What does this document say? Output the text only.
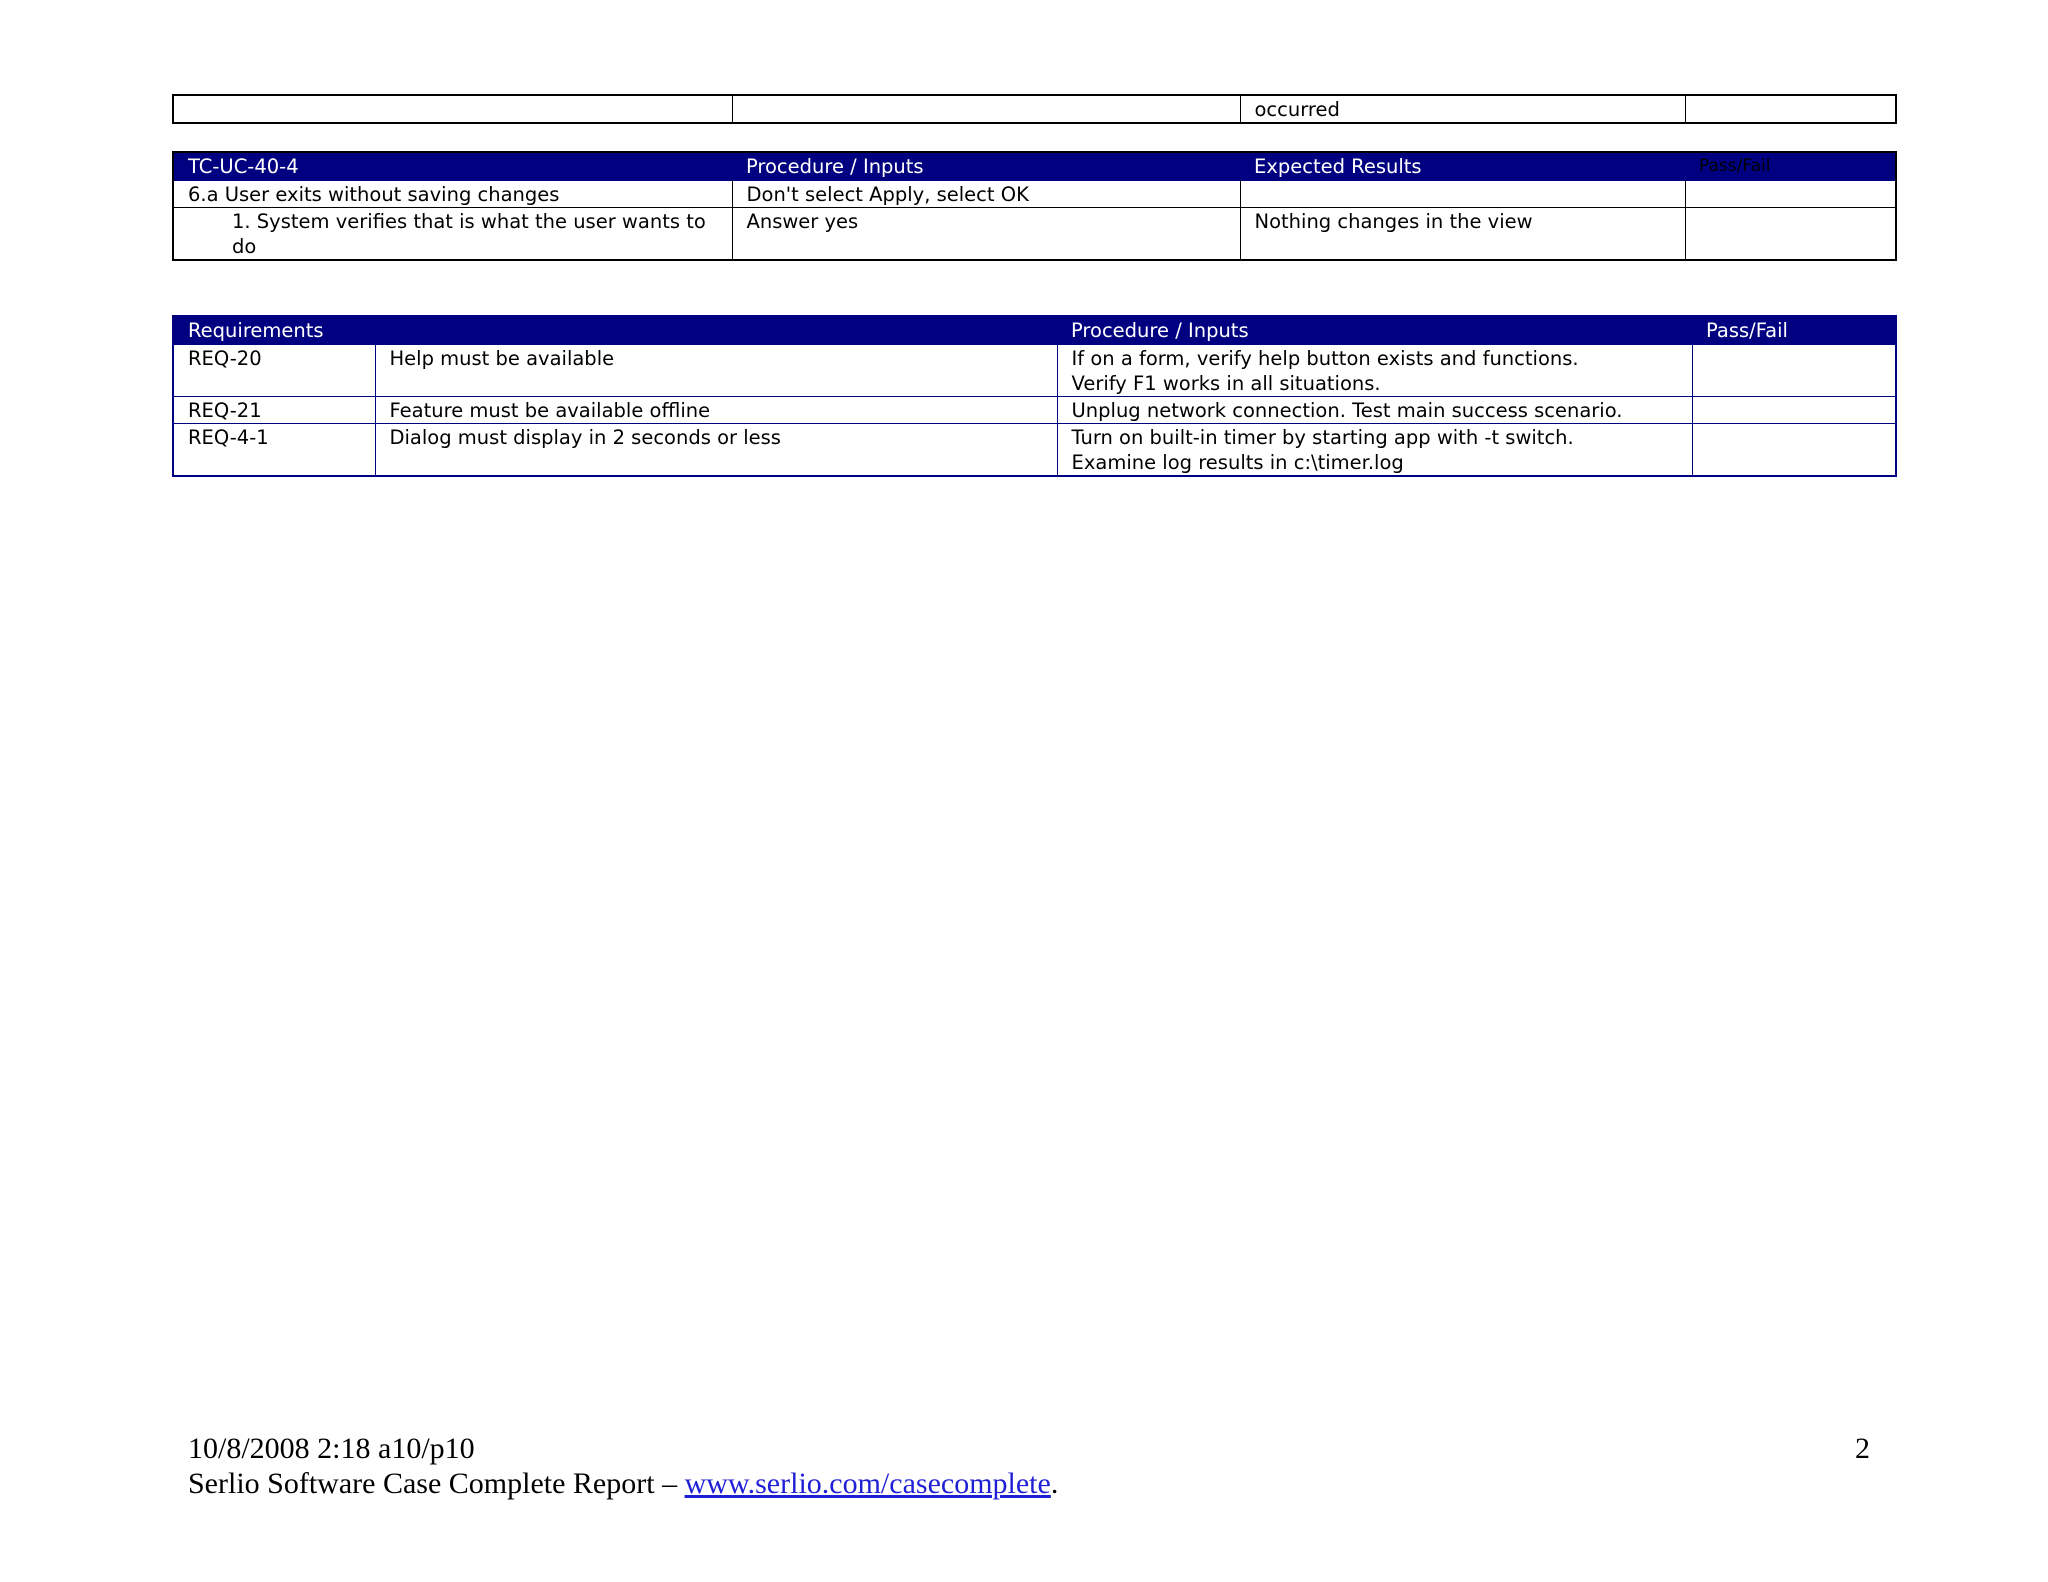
		occurred	
TC-UC-40-4	Procedure / Inputs	Expected Results	Pass/Fail
6.a User exits without saving changes	Don't select Apply, select OK		
1. System verifies that is what the user wants to do	Answer yes	Nothing changes in the view	
Requirements		Procedure / Inputs	Pass/Fail
REQ-20	Help must be available	If on a form, verify help button exists and functions.
Verify F1 works in all situations.	

REQ-21	Feature must be available offline	Unplug network connection. Test main success scenario.	

REQ-4-1	Dialog must display in 2 seconds or less	Turn on built-in timer by starting app with -t switch.
Examine log results in c:\timer.log	

10/8/2008 2:18 a10/p10
Serlio Software Case Complete Report – www.serlio.com/casecomplete.
2
